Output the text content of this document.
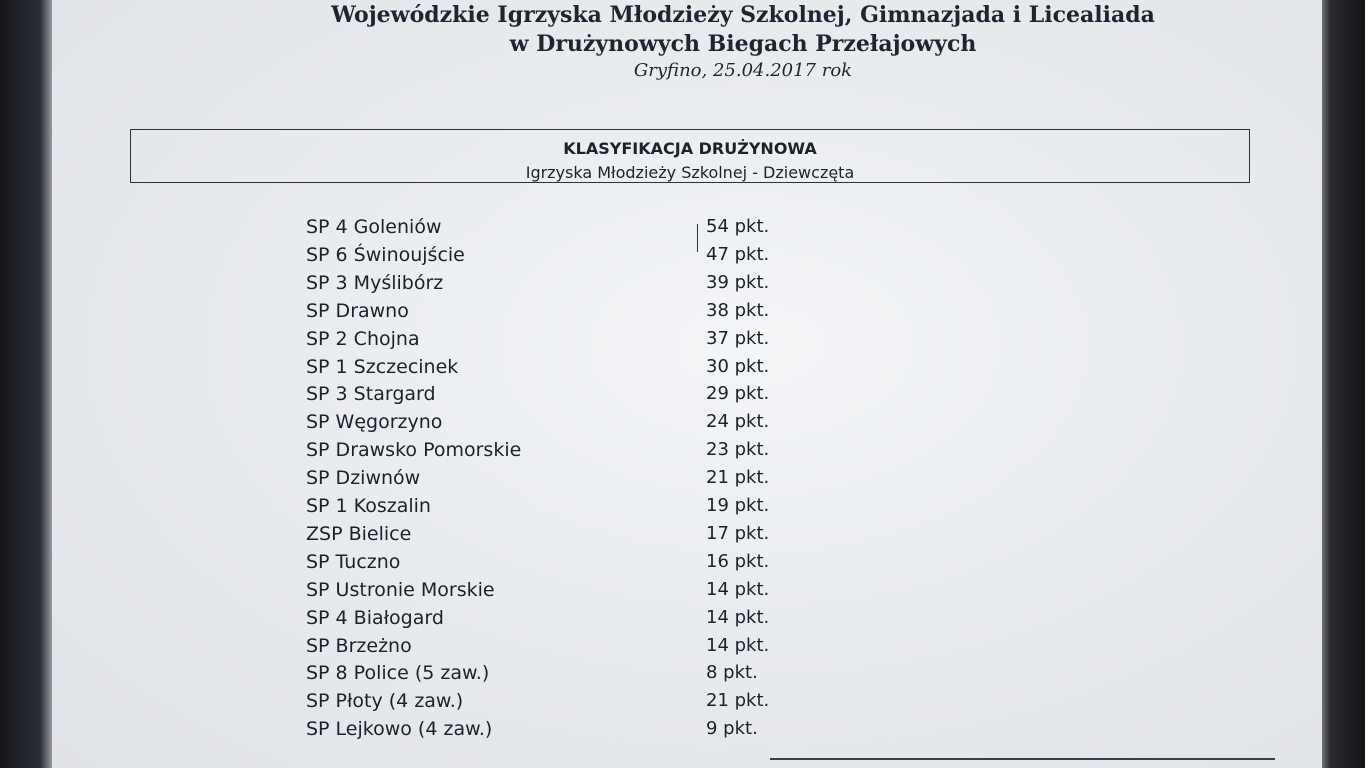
Wojewódzkie Igrzyska Młodzieży Szkolnej, Gimnazjada i Licealiada
w Drużynowych Biegach Przełajowych
Gryfino, 25.04.2017 rok
KLASYFIKACJA DRUŻYNOWA
Igrzyska Młodzieży Szkolnej - Dziewczęta
SP 4 Goleniów	54 pkt.
SP 6 Świnoujście	47 pkt.
SP 3 Myślibórz	39 pkt.
SP Drawno	38 pkt.
SP 2 Chojna	37 pkt.
SP 1 Szczecinek	30 pkt.
SP 3 Stargard	29 pkt.
SP Węgorzyno	24 pkt.
SP Drawsko Pomorskie	23 pkt.
SP Dziwnów	21 pkt.
SP 1 Koszalin	19 pkt.
ZSP Bielice	17 pkt.
SP Tuczno	16 pkt.
SP Ustronie Morskie	14 pkt.
SP 4 Białogard	14 pkt.
SP Brzeżno	14 pkt.
SP 8 Police (5 zaw.)	8 pkt.
SP Płoty (4 zaw.)	21 pkt.
SP Lejkowo (4 zaw.)	9 pkt.
